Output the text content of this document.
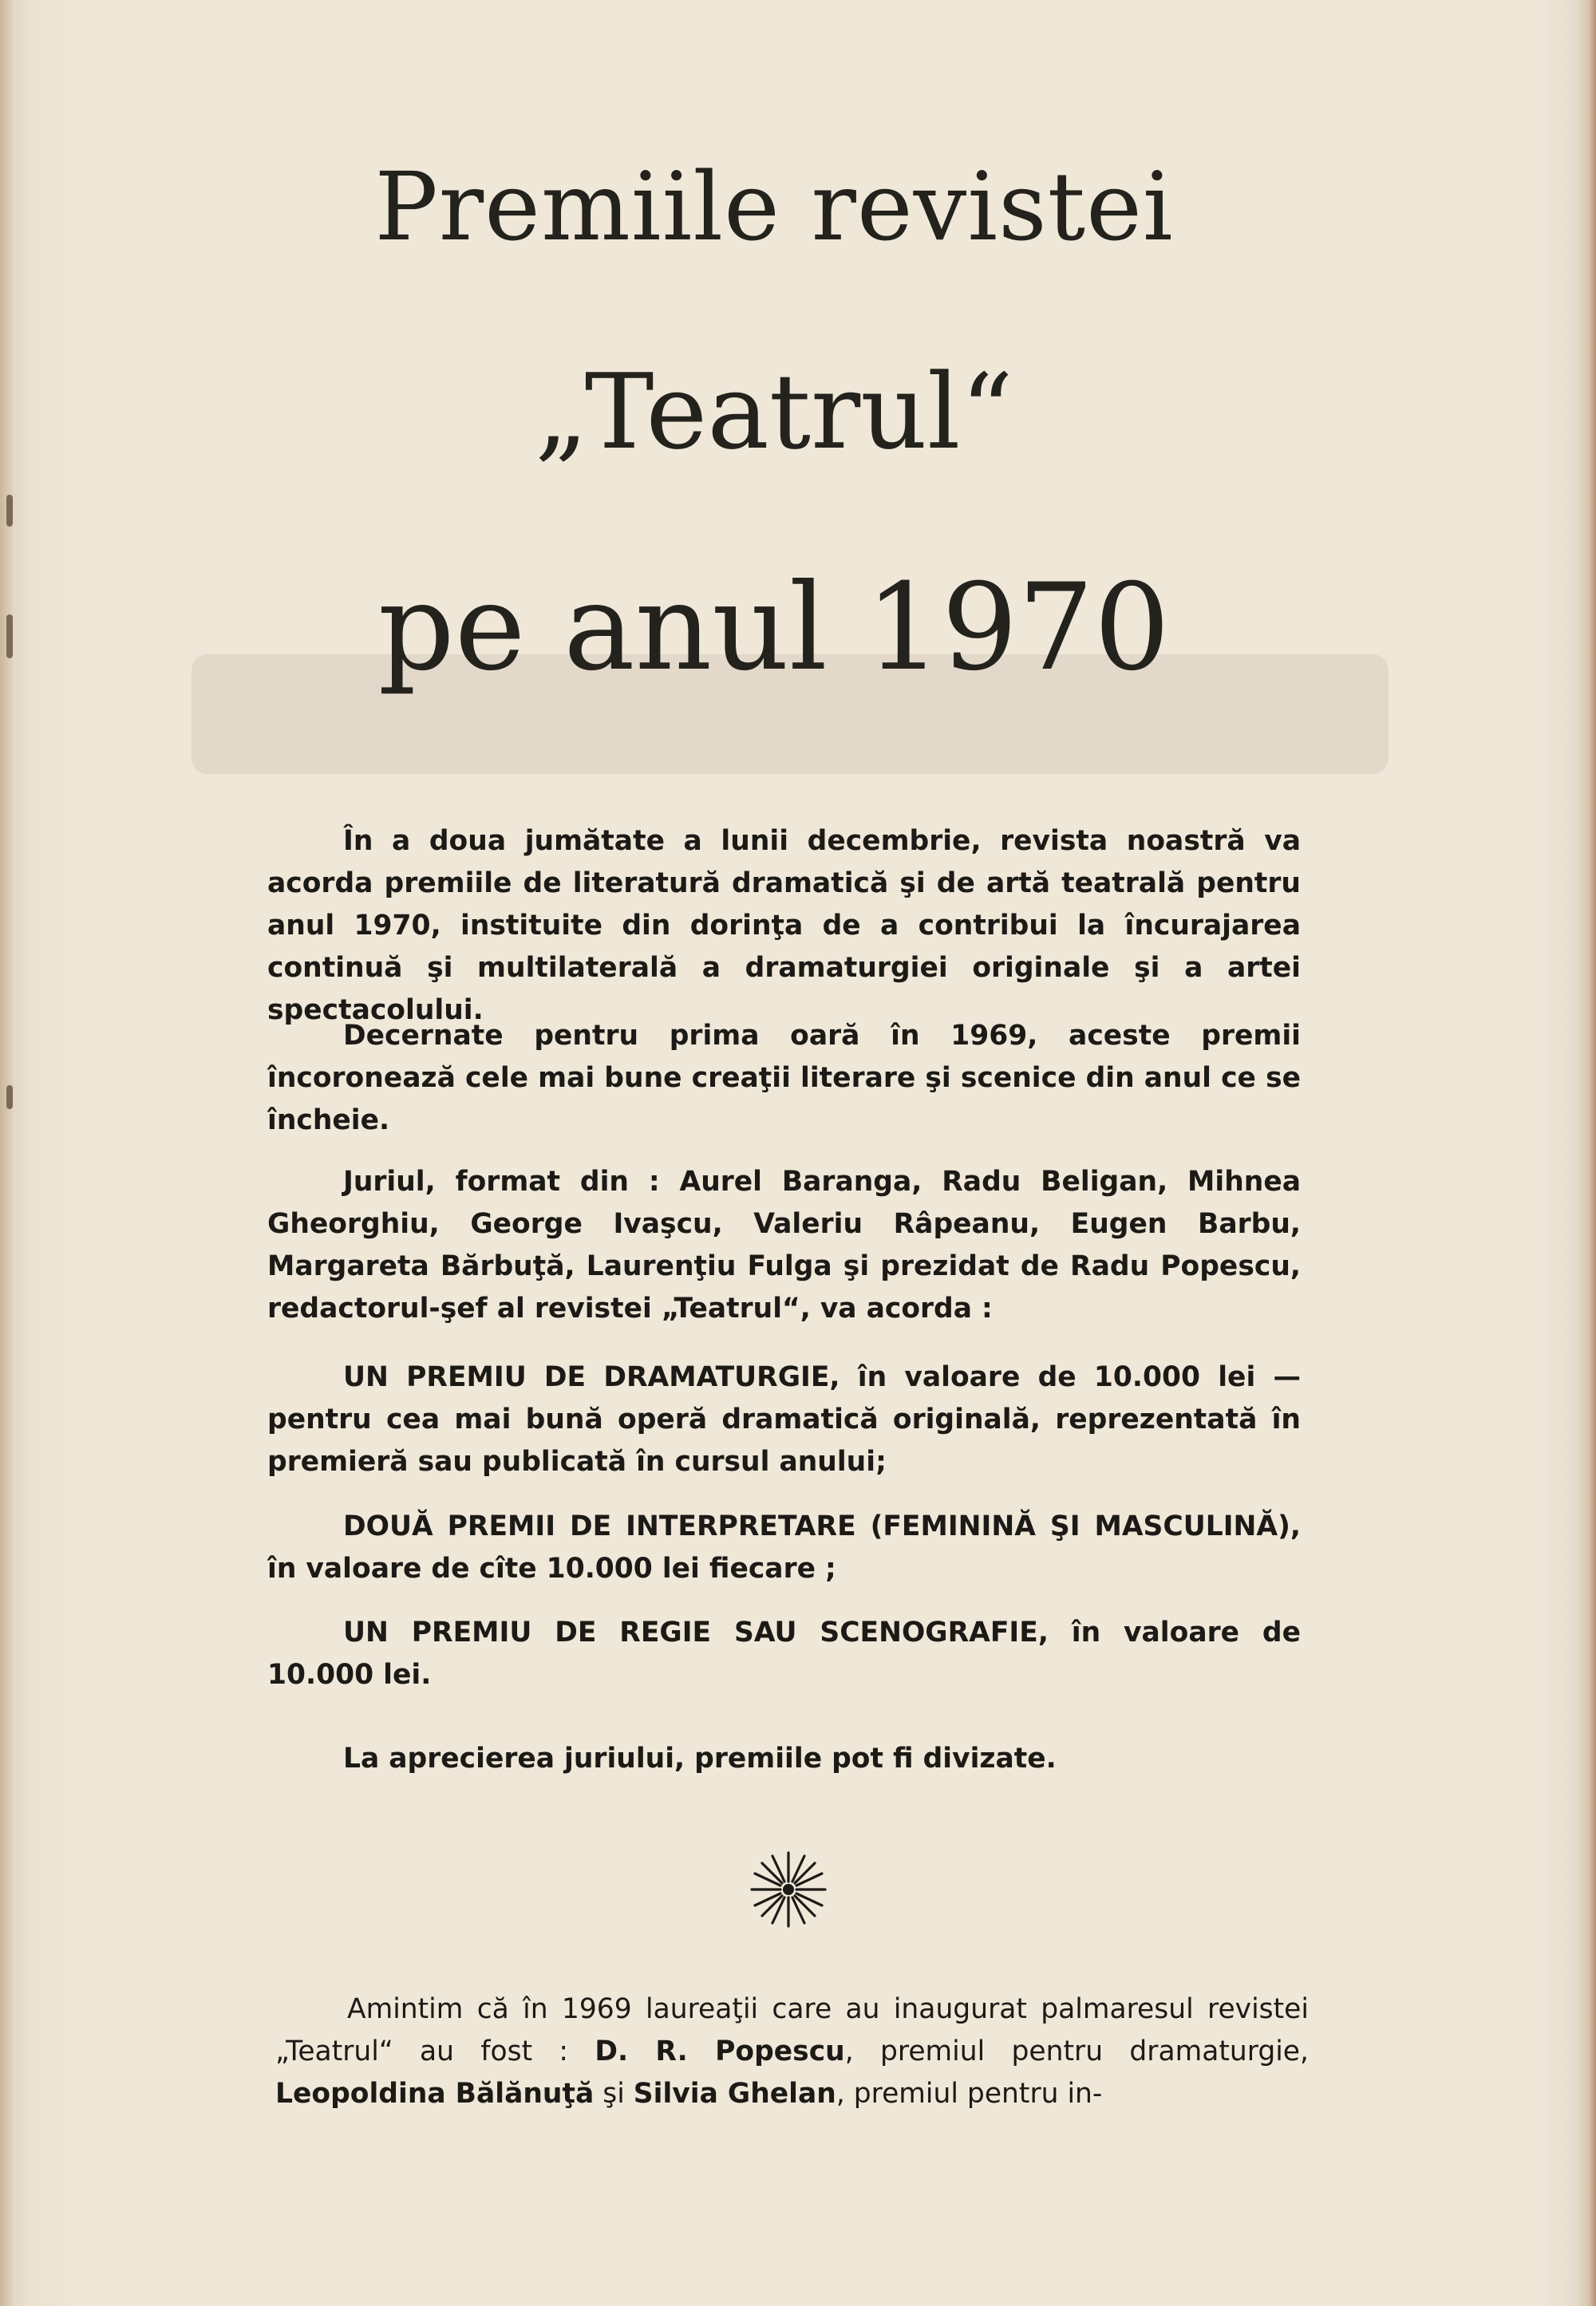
Premiile revistei
„Teatrul“
pe anul 1970

În a doua jumătate a lunii decembrie, revista noastră va acorda premiile de literatură dramatică şi de artă teatrală pentru anul 1970, instituite din dorinţa de a contribui la încurajarea continuă şi multilaterală a dramaturgiei originale şi a artei spectacolului.

Decernate pentru prima oară în 1969, aceste premii încoronează cele mai bune creaţii literare şi scenice din anul ce se încheie.

Juriul, format din : Aurel Baranga, Radu Beligan, Mihnea Gheorghiu, George Ivaşcu, Valeriu Râpeanu, Eugen Barbu, Margareta Bărbuţă, Laurenţiu Fulga şi prezidat de Radu Popescu, redactorul-şef al revistei „Teatrul“, va acorda :

UN PREMIU DE DRAMATURGIE, în valoare de 10.000 lei — pentru cea mai bună operă dramatică originală, reprezentată în premieră sau publicată în cursul anului;

DOUĂ PREMII DE INTERPRETARE (FEMININĂ ŞI MASCULINĂ), în valoare de cîte 10.000 lei fiecare ;

UN PREMIU DE REGIE SAU SCENOGRAFIE, în valoare de 10.000 lei.

La aprecierea juriului, premiile pot fi divizate.

Amintim că în 1969 laureaţii care au inaugurat palmaresul revistei „Teatrul“ au fost : D. R. Popescu, premiul pentru dramaturgie, Leopoldina Bălănuţă şi Silvia Ghelan, premiul pentru in-
